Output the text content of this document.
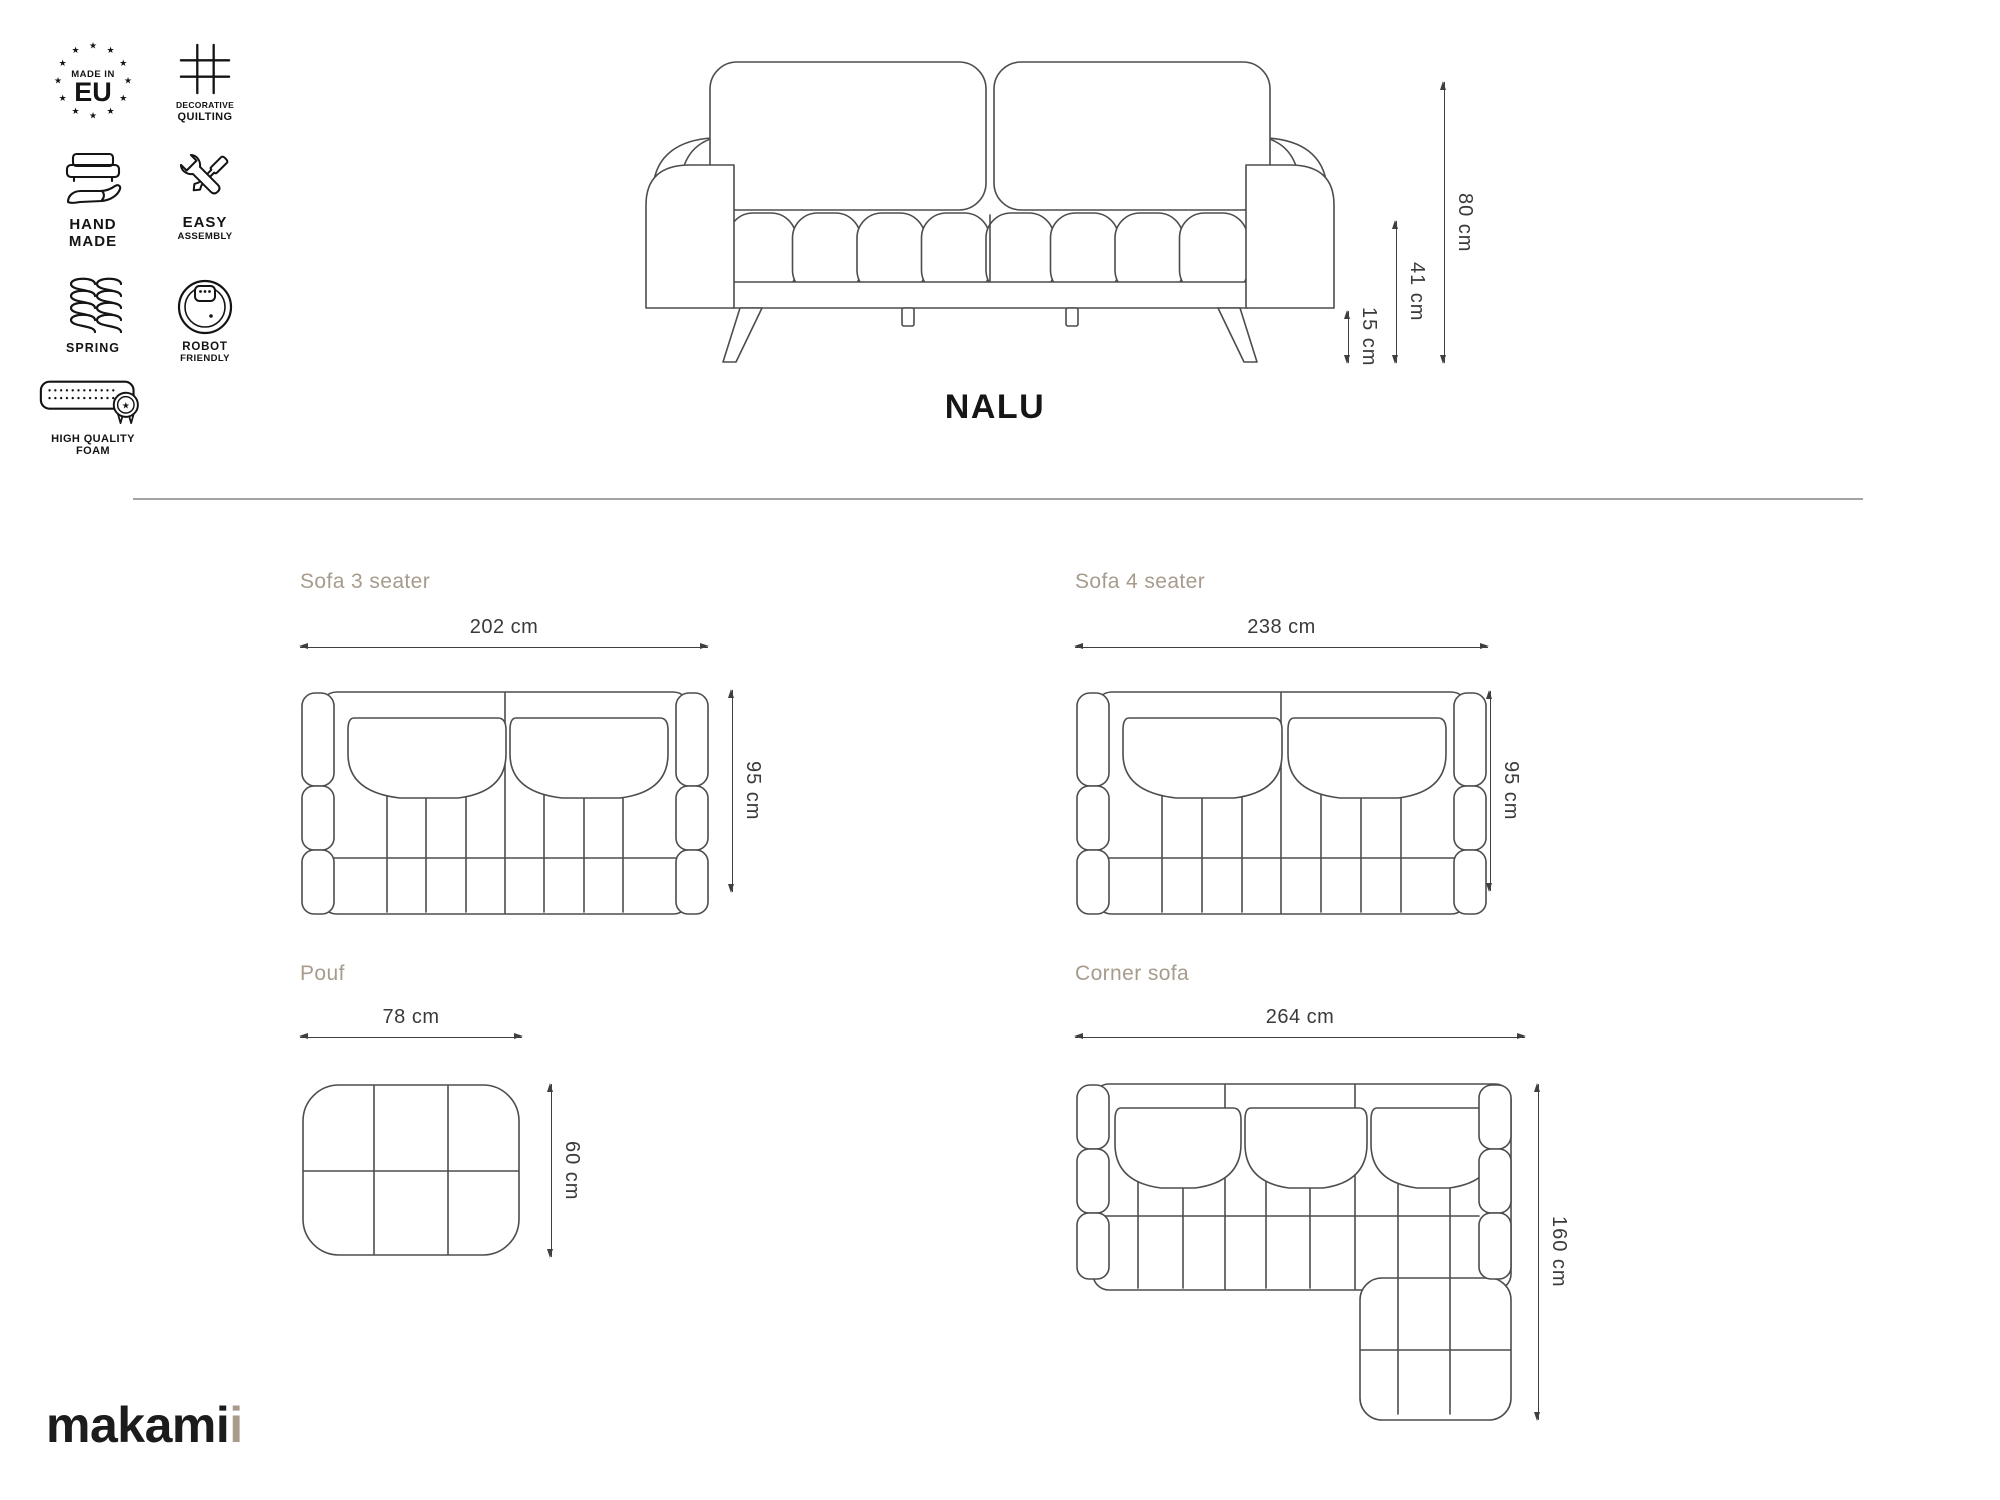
★ ★
★
★
★
★
★
★
★
★
★
★
MADE IN
EU	DECORATIVE
QUILTING
HAND
MADE
EASY
ASSEMBLY
SPRING	ROBOT
FRIENDLY
★
HIGH QUALITY
FOAM
80 cm
41 cm
15 cm
NALU
Sofa 3 seater
202 cm
95 cm
Sofa 4 seater
238 cm
95 cm
Pouf
78 cm
60 cm
Corner sofa
264 cm
160 cm
makamii
